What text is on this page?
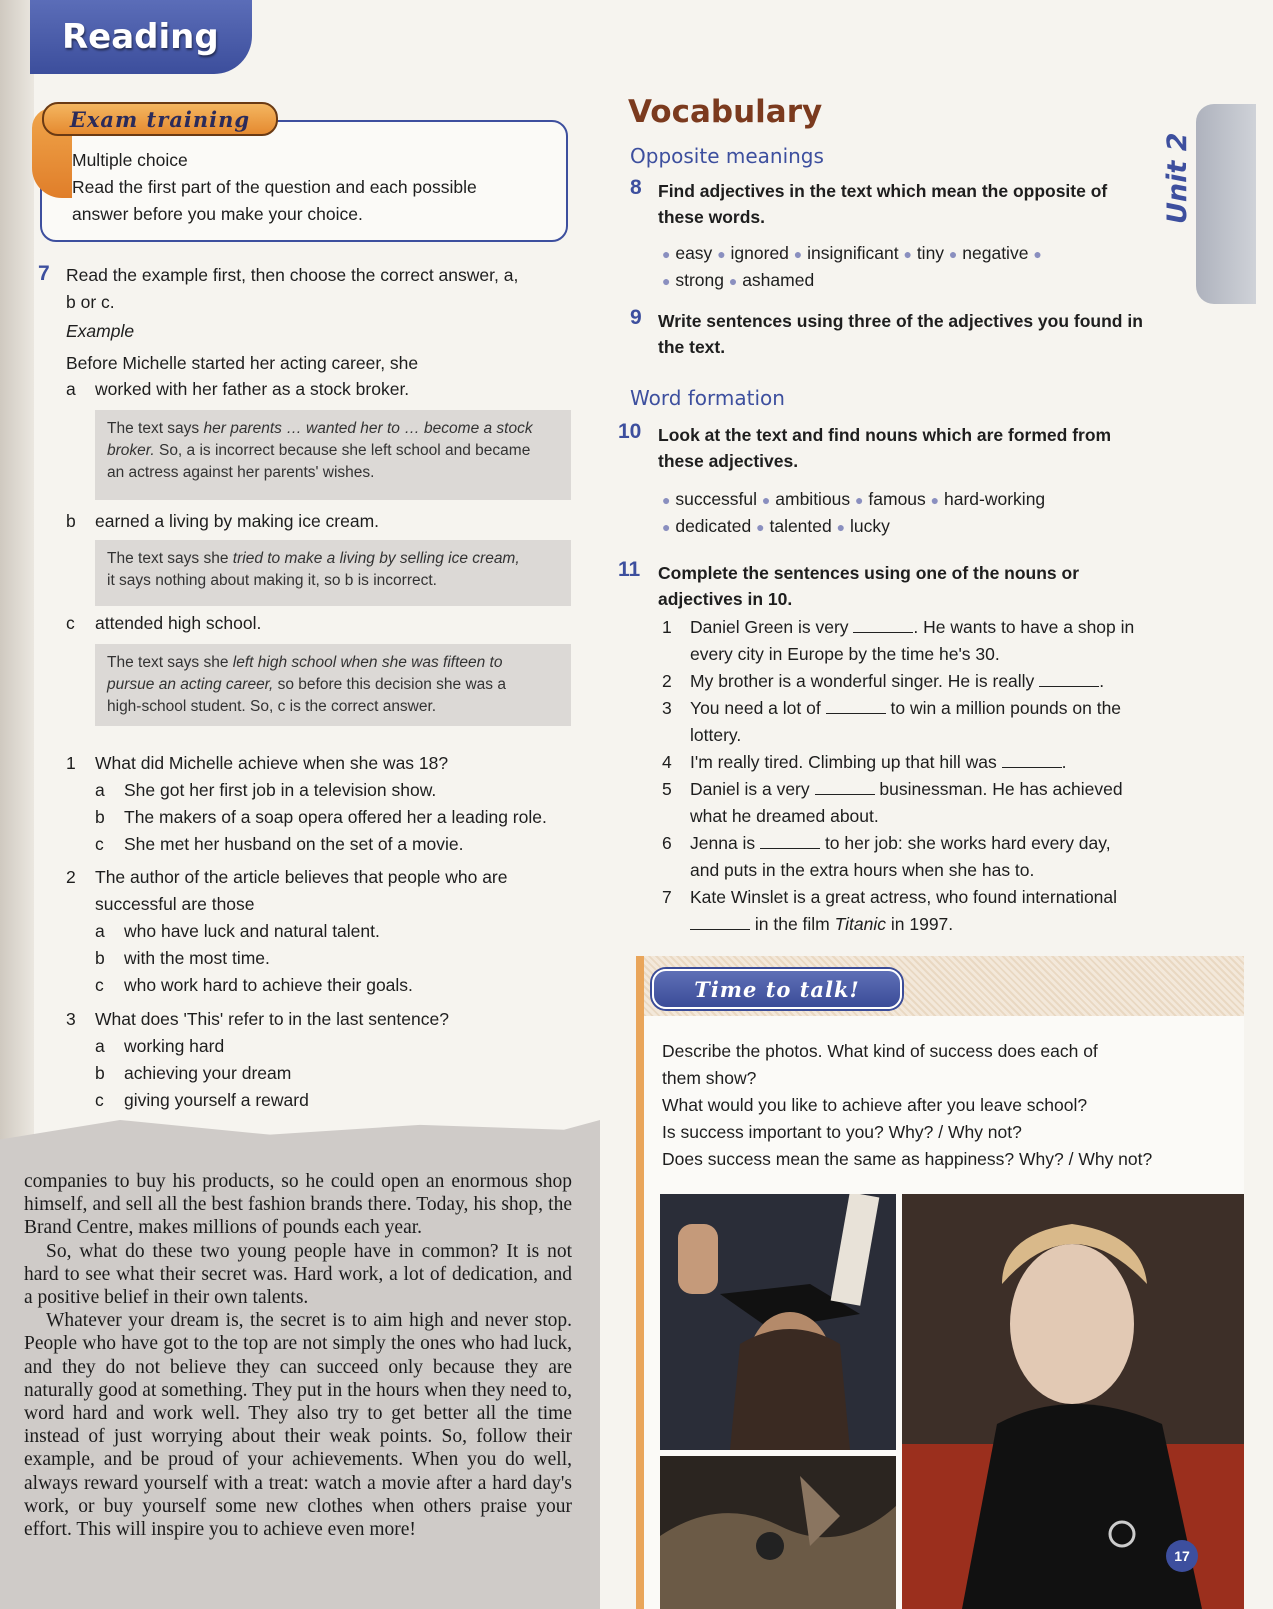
Reading
Exam training
Multiple choice
Read the first part of the question and each possible
answer before you make your choice.
7 Read the example first, then choose the correct answer, a,
b or c.
Example
Before Michelle started her acting career, she
a worked with her father as a stock broker.
The text says her parents … wanted her to … become a stock
broker. So, a is incorrect because she left school and became
an actress against her parents' wishes.
b earned a living by making ice cream.
The text says she tried to make a living by selling ice cream,
it says nothing about making it, so b is incorrect.
c attended high school.
The text says she left high school when she was fifteen to
pursue an acting career, so before this decision she was a
high-school student. So, c is the correct answer.
1 What did Michelle achieve when she was 18?
a She got her first job in a television show.
b The makers of a soap opera offered her a leading role.
c She met her husband on the set of a movie.
2 The author of the article believes that people who are
successful are those
a who have luck and natural talent.
b with the most time.
c who work hard to achieve their goals.
3 What does 'This' refer to in the last sentence?
a working hard
b achieving your dream
c giving yourself a reward

companies to buy his products, so he could open an enormous shop himself, and sell all the best fashion brands there. Today, his shop, the Brand Centre, makes millions of pounds each year.

So, what do these two young people have in common? It is not hard to see what their secret was. Hard work, a lot of dedication, and a positive belief in their own talents.

Whatever your dream is, the secret is to aim high and never stop. People who have got to the top are not simply the ones who had luck, and they do not believe they can succeed only because they are naturally good at something. They put in the hours when they need to, word hard and work well. They also try to get better all the time instead of just worrying about their weak points. So, follow their example, and be proud of your achievements. When you do well, always reward yourself with a treat: watch a movie after a hard day's work, or buy yourself some new clothes when others praise your effort. This will inspire you to achieve even more!

Vocabulary
Opposite meanings
8 Find adjectives in the text which mean the opposite of
these words.
● easy ● ignored ● insignificant ● tiny ● negative ●
● strong ● ashamed
9 Write sentences using three of the adjectives you found in
the text.
Word formation
10 Look at the text and find nouns which are formed from
these adjectives.
● successful ● ambitious ● famous ● hard-working
● dedicated ● talented ● lucky
11 Complete the sentences using one of the nouns or
adjectives in 10.
1 Daniel Green is very	. He wants to have a shop in
every city in Europe by the time he's 30.
2 My brother is a wonderful singer. He is really	.
3 You need a lot of	to win a million pounds on the
lottery.
4 I'm really tired. Climbing up that hill was	.
5 Daniel is a very	businessman. He has achieved
what he dreamed about.
6 Jenna is	to her job: she works hard every day,
and puts in the extra hours when she has to.
7 Kate Winslet is a great actress, who found international
in the film Titanic in 1997.
Unit 2
Time to talk!
Describe the photos. What kind of success does each of
them show?
What would you like to achieve after you leave school?
Is success important to you? Why? / Why not?
Does success mean the same as happiness? Why? / Why not?
17
